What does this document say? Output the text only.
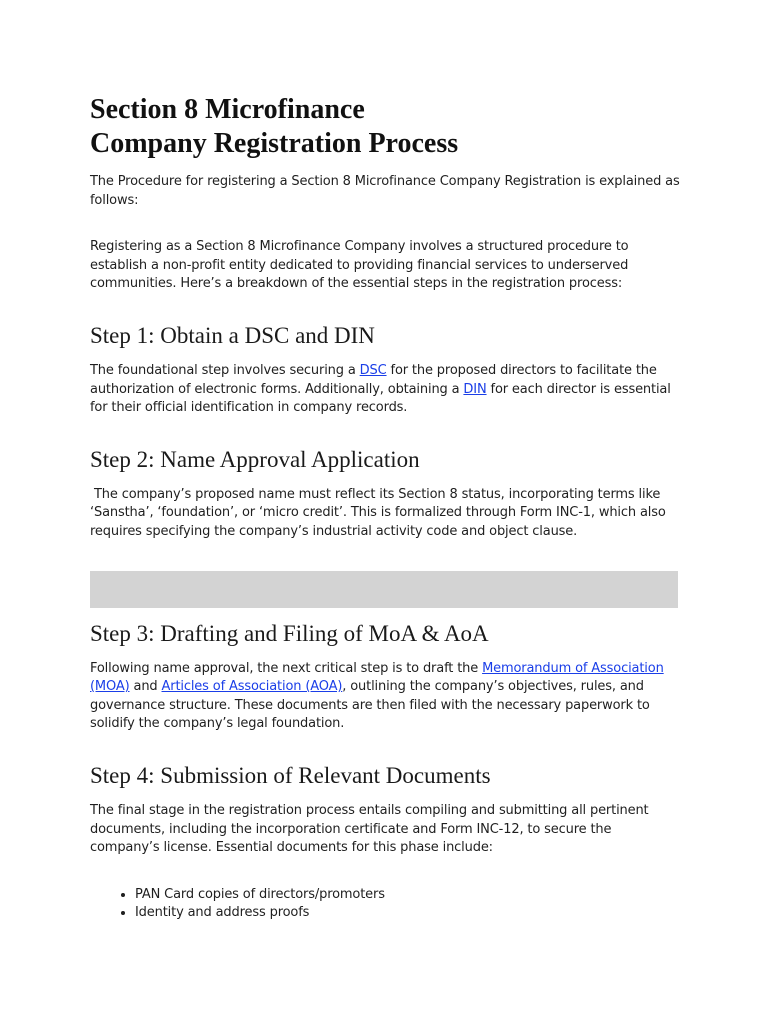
Section 8 Microfinance
Company Registration Process

The Procedure for registering a Section 8 Microfinance Company Registration is explained as follows:

Registering as a Section 8 Microfinance Company involves a structured procedure to establish a non-profit entity dedicated to providing financial services to underserved communities. Here’s a breakdown of the essential steps in the registration process:

Step 1: Obtain a DSC and DIN

The foundational step involves securing a DSC for the proposed directors to facilitate the authorization of electronic forms. Additionally, obtaining a DIN for each director is essential for their official identification in company records.

Step 2: Name Approval Application

The company’s proposed name must reflect its Section 8 status, incorporating terms like ‘Sanstha’, ‘foundation’, or ‘micro credit’. This is formalized through Form INC-1, which also requires specifying the company’s industrial activity code and object clause.

Step 3: Drafting and Filing of MoA & AoA

Following name approval, the next critical step is to draft the Memorandum of Association (MOA) and Articles of Association (AOA), outlining the company’s objectives, rules, and governance structure. These documents are then filed with the necessary paperwork to solidify the company’s legal foundation.

Step 4: Submission of Relevant Documents

The final stage in the registration process entails compiling and submitting all pertinent documents, including the incorporation certificate and Form INC-12, to secure the company’s license. Essential documents for this phase include:

• PAN Card copies of directors/promoters
• Identity and address proofs
